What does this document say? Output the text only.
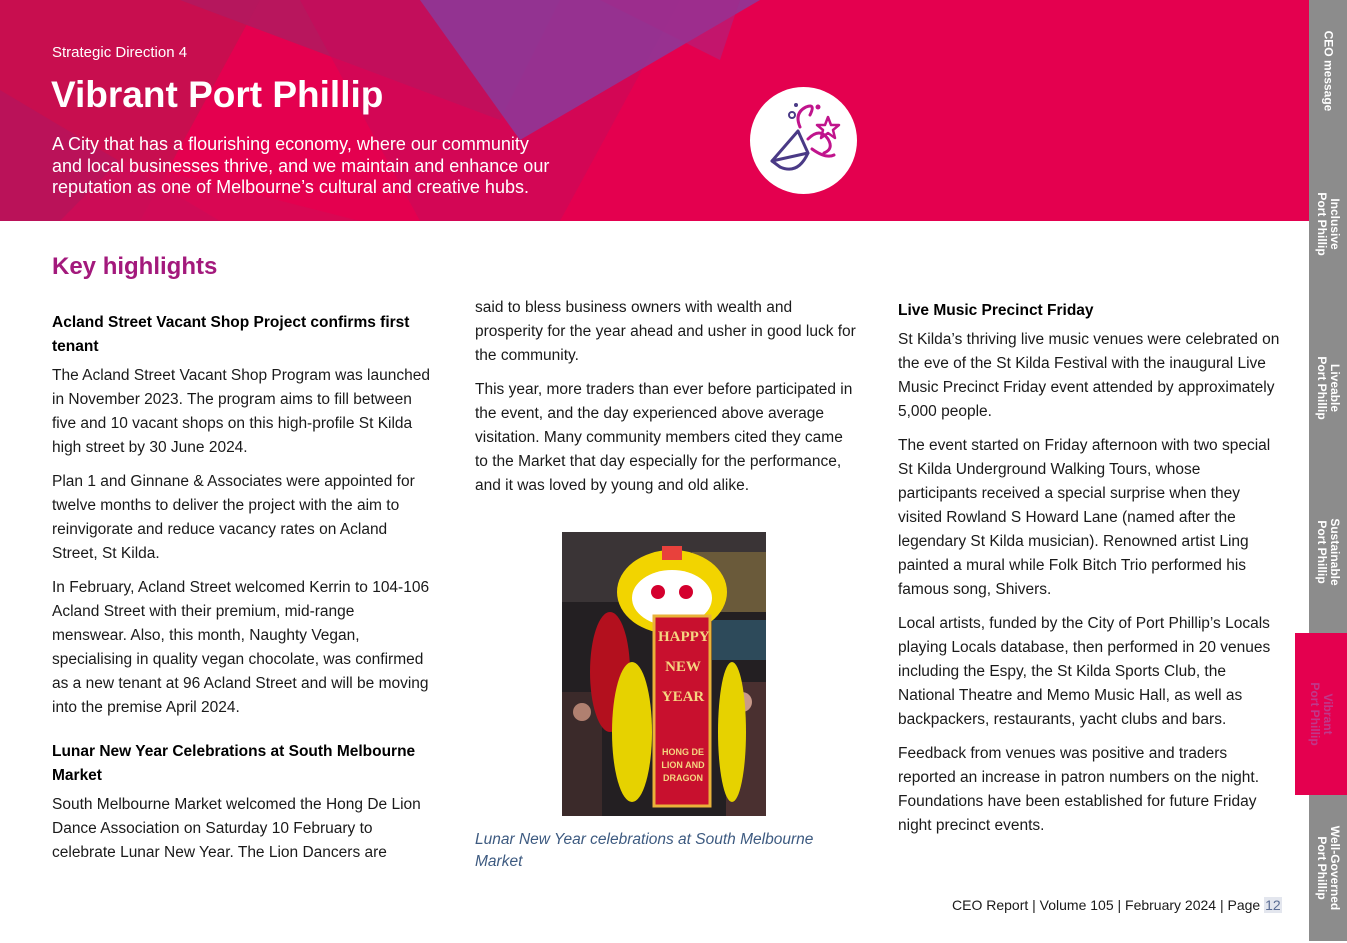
Strategic Direction 4
Vibrant Port Phillip
A City that has a flourishing economy, where our community
and local businesses thrive, and we maintain and enhance our
reputation as one of Melbourne’s cultural and creative hubs.
CEO message
Inclusive
Port Phillip
Liveable
Port Phillip
Sustainable
Port Phillip
Vibrant
Port Phillip
Well-Governed
Port Phillip
Key highlights
Acland Street Vacant Shop Project confirms first tenant

The Acland Street Vacant Shop Program was launched in November 2023. The program aims to fill between five and 10 vacant shops on this high-profile St Kilda high street by 30 June 2024.

Plan 1 and Ginnane & Associates were appointed for twelve months to deliver the project with the aim to reinvigorate and reduce vacancy rates on Acland Street, St Kilda.

In February, Acland Street welcomed Kerrin to 104-106 Acland Street with their premium, mid-range menswear. Also, this month, Naughty Vegan, specialising in quality vegan chocolate, was confirmed as a new tenant at 96 Acland Street and will be moving into the premise April 2024.

Lunar New Year Celebrations at South Melbourne Market

South Melbourne Market welcomed the Hong De Lion Dance Association on Saturday 10 February to celebrate Lunar New Year. The Lion Dancers are

said to bless business owners with wealth and prosperity for the year ahead and usher in good luck for the community.

This year, more traders than ever before participated in the event, and the day experienced above average visitation. Many community members cited they came to the Market that day especially for the performance, and it was loved by young and old alike.

HAPPY
NEW
YEAR
HONG DE
LION AND
DRAGON
Lunar New Year celebrations at South Melbourne Market
Live Music Precinct Friday

St Kilda’s thriving live music venues were celebrated on the eve of the St Kilda Festival with the inaugural Live Music Precinct Friday event attended by approximately 5,000 people.

The event started on Friday afternoon with two special St Kilda Underground Walking Tours, whose participants received a special surprise when they visited Rowland S Howard Lane (named after the legendary St Kilda musician). Renowned artist Ling painted a mural while Folk Bitch Trio performed his famous song, Shivers.

Local artists, funded by the City of Port Phillip’s Locals playing Locals database, then performed in 20 venues including the Espy, the St Kilda Sports Club, the National Theatre and Memo Music Hall, as well as backpackers, restaurants, yacht clubs and bars.

Feedback from venues was positive and traders reported an increase in patron numbers on the night. Foundations have been established for future Friday night precinct events.

CEO Report | Volume 105 | February 2024 | Page 12
